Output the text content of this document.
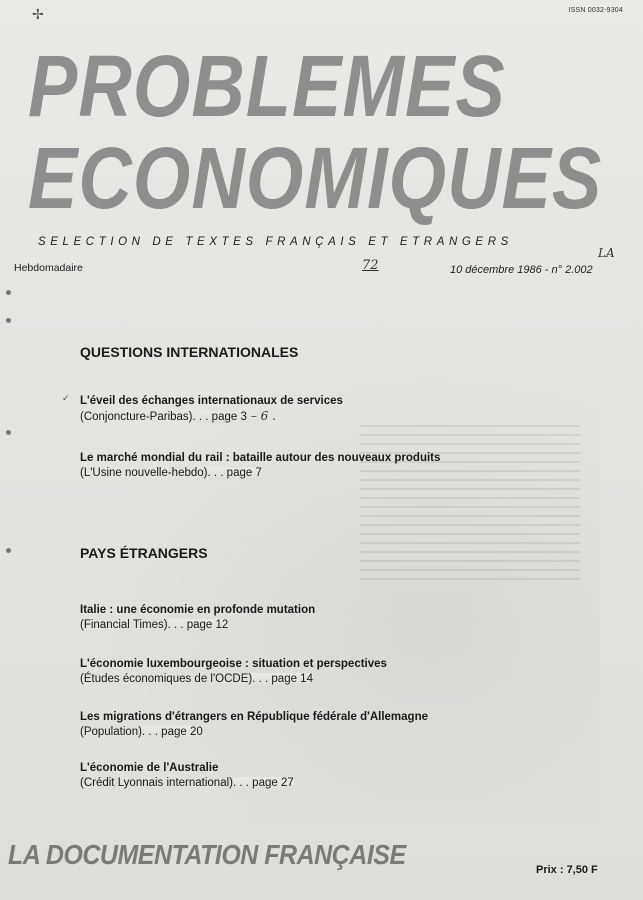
✢	ISSN 0032-9304
PROBLEMES
ECONOMIQUES
SELECTION DE TEXTES FRANÇAIS ET ETRANGERS
Hebdomadaire	72	10 décembre 1986 - n° 2.002
LA
QUESTIONS INTERNATIONALES
✓ L'éveil des échanges internationaux de services
(Conjoncture-Paribas). . . page 3 – 6 .
Le marché mondial du rail : bataille autour des nouveaux produits
(L'Usine nouvelle-hebdo). . . page 7
PAYS ÉTRANGERS
Italie : une économie en profonde mutation
(Financial Times). . . page 12
L'économie luxembourgeoise : situation et perspectives
(Études économiques de l'OCDE). . . page 14
Les migrations d'étrangers en République fédérale d'Allemagne
(Population). . . page 20
L'économie de l'Australie
(Crédit Lyonnais international). . . page 27
LA DOCUMENTATION FRANÇAISE	Prix : 7,50 F
